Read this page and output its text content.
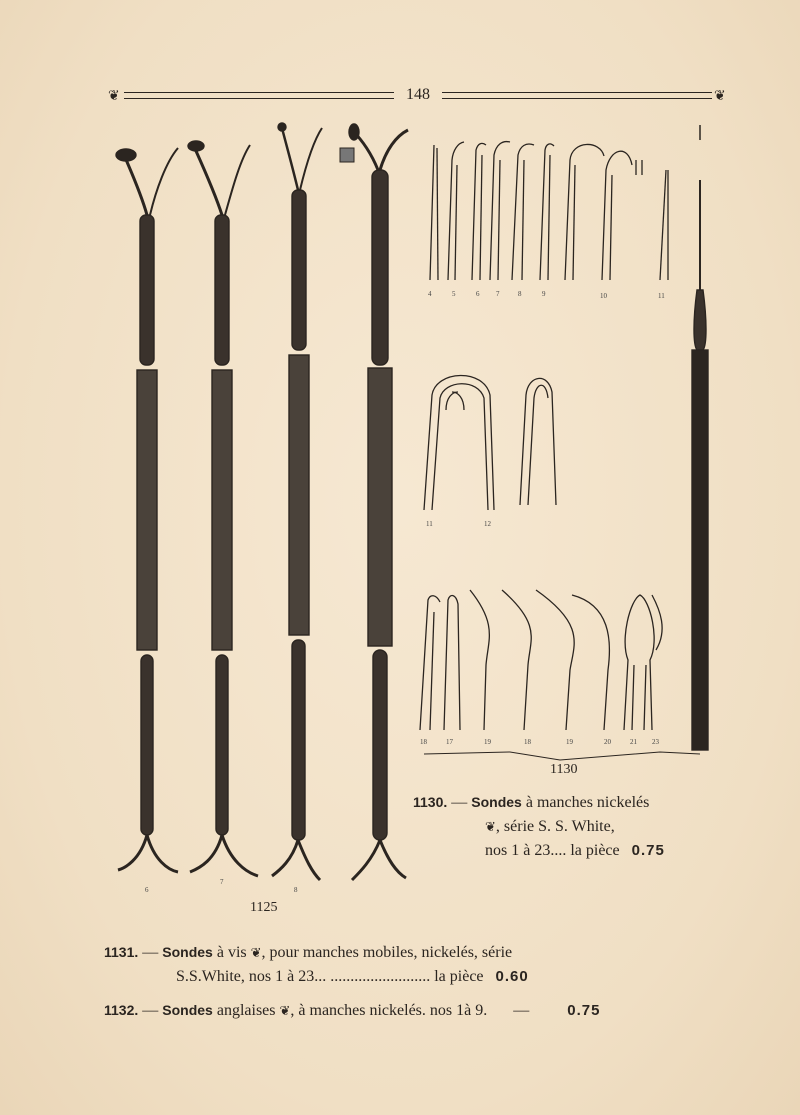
❦	148	❦
6
7
8
4	5	6 7	8	9	10	11
11	12
18	17	19	18	19	20	21 23
1125
1130
1130. — Sondes à manches nickelés
❦, série S. S. White,
nos 1 à 23.... la pièce 0.75
1131. — Sondes à vis ❦, pour manches mobiles, nickelés, série
S.S.White, nos 1 à 23... ......................... la pièce 0.60
1132. — Sondes anglaises ❦, à manches nickelés. nos 1à 9. —	0.75
